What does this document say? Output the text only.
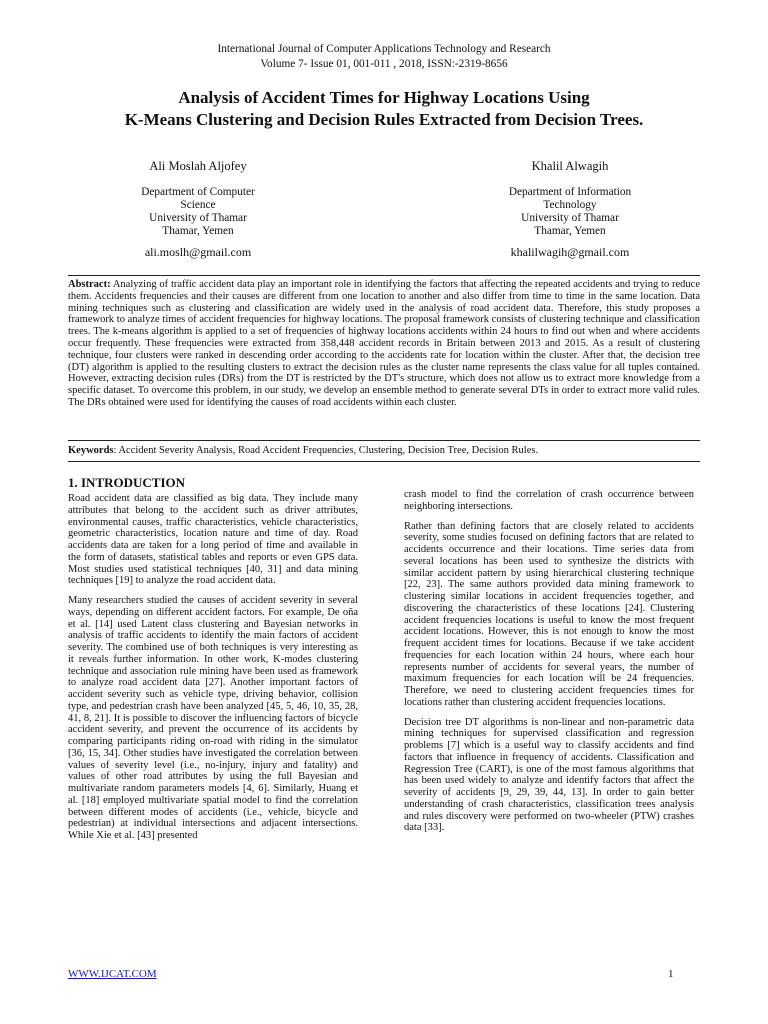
International Journal of Computer Applications Technology and Research
Volume 7- Issue 01, 001-011 , 2018, ISSN:-2319-8656
Analysis of Accident Times for Highway Locations Using
K-Means Clustering and Decision Rules Extracted from Decision Trees.
Ali Moslah Aljofey
Department of Computer
Science
University of Thamar
Thamar, Yemen
ali.moslh@gmail.com
Khalil Alwagih
Department of Information
Technology
University of Thamar
Thamar, Yemen
khalilwagih@gmail.com
Abstract: Analyzing of traffic accident data play an important role in identifying the factors that affecting the repeated accidents and trying to reduce them. Accidents frequencies and their causes are different from one location to another and also differ from time to time in the same location. Data mining techniques such as clustering and classification are widely used in the analysis of road accident data. Therefore, this study proposes a framework to analyze times of accident frequencies for highway locations. The proposal framework consists of clustering technique and classification trees. The k-means algorithm is applied to a set of frequencies of highway locations accidents within 24 hours to find out when and where accidents occur frequently. These frequencies were extracted from 358,448 accident records in Britain between 2013 and 2015. As a result of clustering technique, four clusters were ranked in descending order according to the accidents rate for location within the cluster. After that, the decision tree (DT) algorithm is applied to the resulting clusters to extract the decision rules as the cluster name represents the class value for all tuples contained. However, extracting decision rules (DRs) from the DT is restricted by the DT's structure, which does not allow us to extract more knowledge from a specific dataset. To overcome this problem, in our study, we develop an ensemble method to generate several DTs in order to extract more valid rules. The DRs obtained were used for identifying the causes of road accidents within each cluster.
Keywords: Accident Severity Analysis, Road Accident Frequencies, Clustering, Decision Tree, Decision Rules.
1. INTRODUCTION

Road accident data are classified as big data. They include many attributes that belong to the accident such as driver attributes, environmental causes, traffic characteristics, vehicle characteristics, geometric characteristics, location nature and time of day. Road accidents data are taken for a long period of time and available in the form of datasets, statistical tables and reports or even GPS data. Most studies used statistical techniques [40, 31] and data mining techniques [19] to analyze the road accident data.

Many researchers studied the causes of accident severity in several ways, depending on different accident factors. For example, De oña et al. [14] used Latent class clustering and Bayesian networks in analysis of traffic accidents to identify the main factors of accident severity. The combined use of both techniques is very interesting as it reveals further information. In other work, K-modes clustering technique and association rule mining have been used as framework to analyze road accident data [27]. Another important factors of accident severity such as vehicle type, driving behavior, collision type, and pedestrian crash have been analyzed [45, 5, 46, 10, 35, 28, 41, 8, 21]. It is possible to discover the influencing factors of bicycle accident severity, and prevent the occurrence of its accidents by comparing participants riding on-road with riding in the simulator [36, 15, 34]. Other studies have investigated the correlation between values of severity level (i.e., no-injury, injury and fatality) and values of other road attributes by using the full Bayesian and multivariate random parameters models [4, 6]. Similarly, Huang et al. [18] employed multivariate spatial model to find the correlation between different modes of accidents (i.e., vehicle, bicycle and pedestrian) at individual intersections and adjacent intersections. While Xie et al. [43] presented

crash model to find the correlation of crash occurrence between neighboring intersections.

Rather than defining factors that are closely related to accidents severity, some studies focused on defining factors that are related to accidents occurrence and their locations. Time series data from several locations has been used to synthesize the districts with similar accident pattern by using hierarchical clustering technique [22, 23]. The same authors provided data mining framework to clustering similar locations in accident frequencies together, and discovering the characteristics of these locations [24]. Clustering accident frequencies locations is useful to know the most frequent accident locations. However, this is not enough to know the most frequent accident times for locations. Because if we take accident frequencies for each location within 24 hours, where each hour represents number of accidents for several years, the number of maximum frequencies for each location will be 24 frequencies. Therefore, we need to clustering accident frequencies times for locations rather than clustering accident frequencies locations.

Decision tree DT algorithms is non-linear and non-parametric data mining techniques for supervised classification and regression problems [7] which is a useful way to classify accidents and find factors that influence in frequency of accidents. Classification and Regression Tree (CART), is one of the most famous algorithms that has been used widely to analyze and identify factors that affect the severity of accidents [9, 29, 39, 44, 13]. In order to gain better understanding of crash characteristics, classification trees analysis and rules discovery were performed on two-wheeler (PTW) crashes data [33].

WWW.IJCAT.COM	1
